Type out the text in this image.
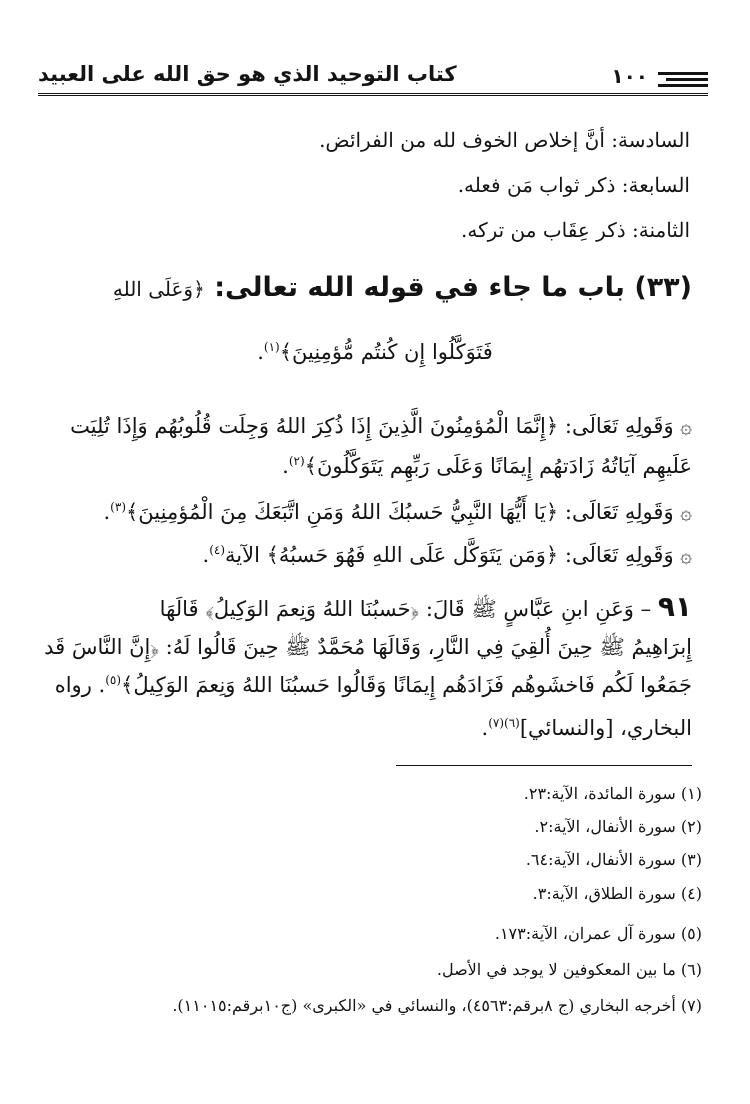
١٠٠
كتاب التوحيد الذي هو حق الله على العبيد

السادسة: أنَّ إخلاص الخوف لله من الفرائض.

السابعة: ذكر ثواب مَن فعله.

الثامنة: ذكر عِقَاب من تركه.

(٣٣) باب ما جاء في قوله الله تعالى: ﴿وَعَلَى اللهِ

فَتَوَكَّلُوا إِن كُنتُم مُّؤمِنِينَ﴾$^{(١)}$.

۞ وَقَولِهِ تَعَالَى: ﴿إِنَّمَا الْمُؤمِنُونَ الَّذِينَ إِذَا ذُكِرَ اللهُ وَجِلَت قُلُوبُهُم وَإِذَا تُلِيَت

عَلَيهِم آيَاتُهُ زَادَتهُم إِيمَانًا وَعَلَى رَبِّهِم يَتَوَكَّلُونَ﴾$^{(٢)}$.

۞ وَقَولِهِ تَعَالَى: ﴿يَا أَيُّهَا النَّبِيُّ حَسبُكَ اللهُ وَمَنِ اتَّبَعَكَ مِنَ الْمُؤمِنِينَ﴾$^{(٣)}$.

۞ وَقَولِهِ تَعَالَى: ﴿وَمَن يَتَوَكَّل عَلَى اللهِ فَهُوَ حَسبُهُ﴾ الآية$^{(٤)}$.

٩١ – وَعَنِ ابنِ عَبَّاسٍ ﷺ قَالَ: ﴿حَسبُنَا اللهُ وَنِعمَ الوَكِيلُ﴾ قَالَهَا

إِبرَاهِيمُ ﷺ حِينَ أُلقِيَ فِي النَّارِ، وَقَالَهَا مُحَمَّدٌ ﷺ حِينَ قَالُوا لَهُ: ﴿إِنَّ النَّاسَ قَد

جَمَعُوا لَكُم فَاخشَوهُم فَزَادَهُم إِيمَانًا وَقَالُوا حَسبُنَا اللهُ وَنِعمَ الوَكِيلُ﴾$^{(٥)}$. رواه

البخاري، [والنسائي]$^{(٦)(٧)}$.

(١) سورة المائدة، الآية:٢٣.

(٢) سورة الأنفال، الآية:٢.

(٣) سورة الأنفال، الآية:٦٤.

(٤) سورة الطلاق، الآية:٣.

(٥) سورة آل عمران، الآية:١٧٣.

(٦) ما بين المعكوفين لا يوجد في الأصل.

(٧) أخرجه البخاري (ج ٨برقم:٤٥٦٣)، والنسائي في «الكبرى» (ج١٠برقم:١١٠١٥).
